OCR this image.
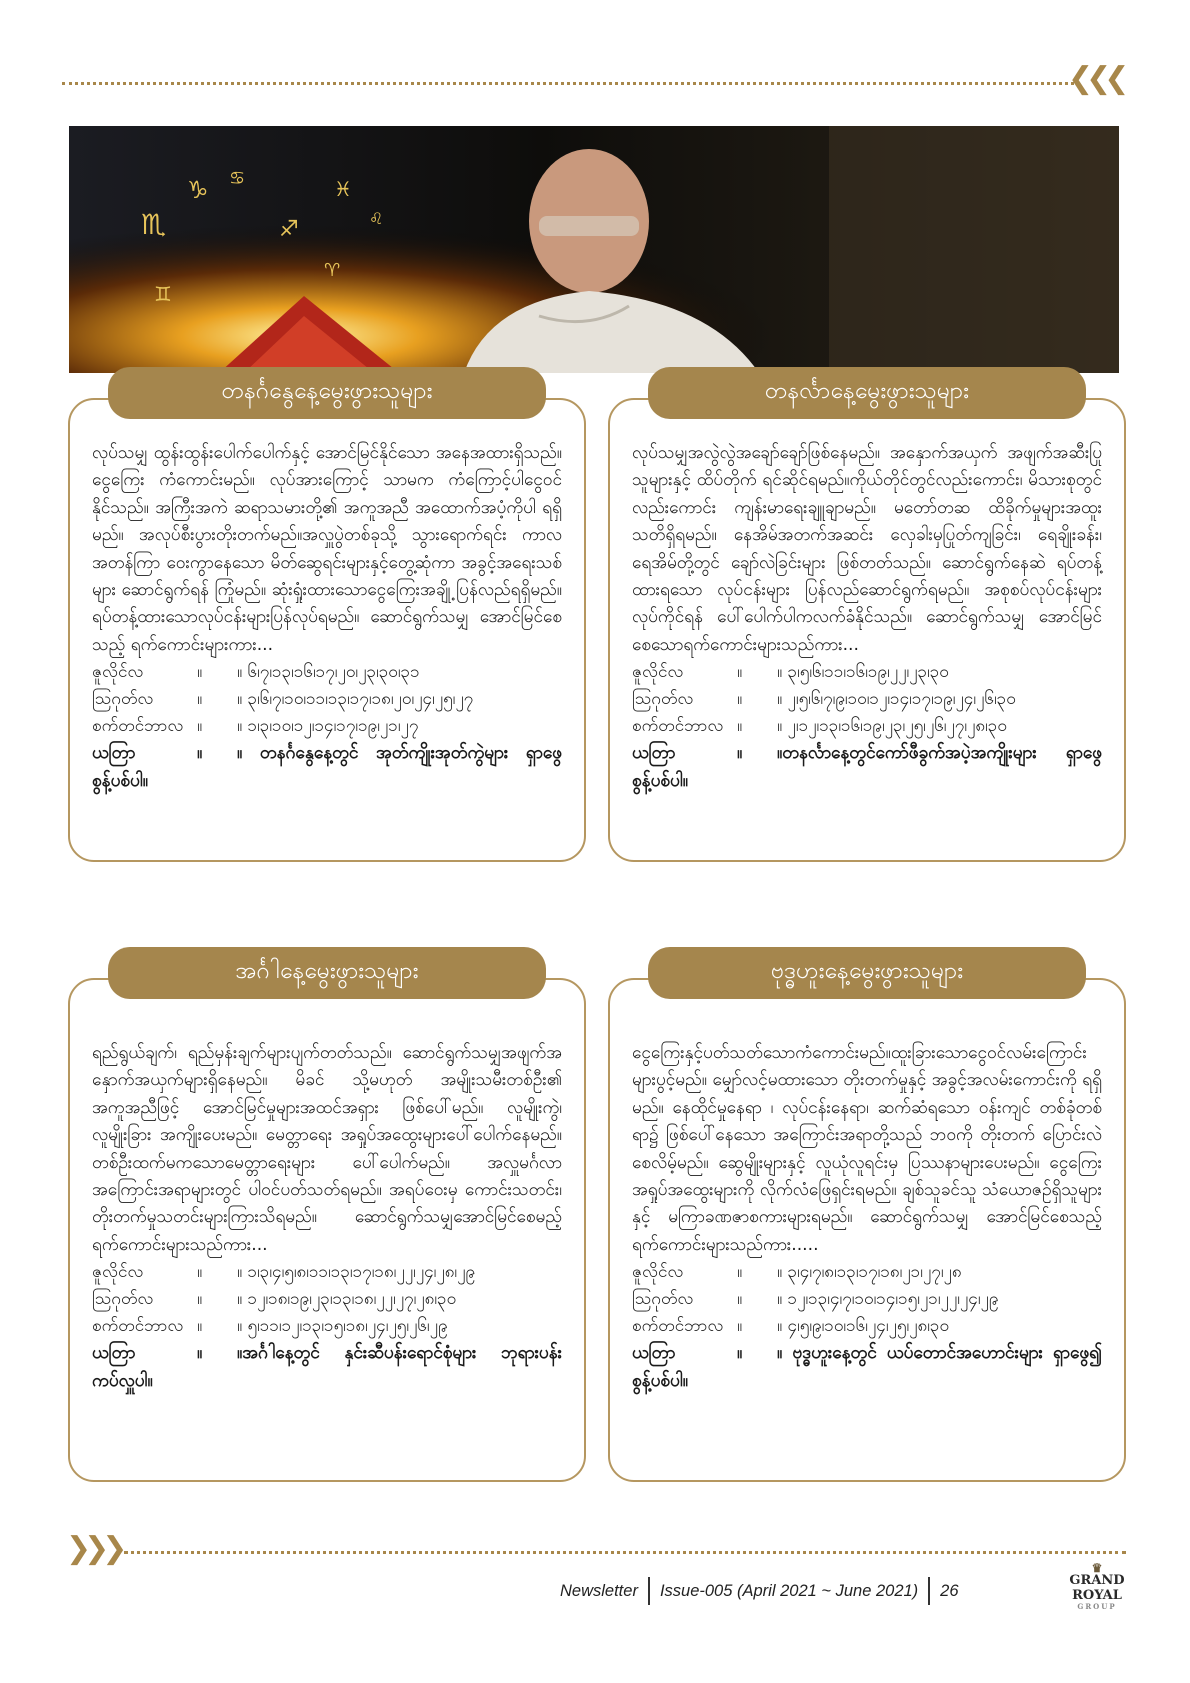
❮❮❮
♏
♑ ♋
♐
♊
♓
♌
♈
တနင်္ဂနွေနေ့မွေးဖွားသူများ

လုပ်သမျှ ထွန်းထွန်းပေါက်ပေါက်နှင့် အောင်မြင်နိုင်သော အနေအထားရှိသည်။ ငွေကြေး ကံကောင်းမည်။ လုပ်အားကြောင့် သာမက ကံကြောင့်ပါငွေဝင်နိုင်သည်။ အကြီးအကဲ ဆရာသမားတို့၏ အကူအညီ အထောက်အပံ့ကိုပါ ရရှိမည်။ အလုပ်စီးပွားတိုးတက်မည်။အလှူပွဲတစ်ခုသို့ သွားရောက်ရင်း ကာလအတန်ကြာ ဝေးကွာနေသော မိတ်ဆွေရင်းများနှင့်တွေ့ဆုံကာ အခွင့်အရေးသစ်များ ဆောင်ရွက်ရန် ကြုံမည်။ ဆုံးရှုံးထားသောငွေကြေးအချို့ ပြန်လည်ရရှိမည်။ရပ်တန့်ထားသောလုပ်ငန်းများပြန်လုပ်ရမည်။ ဆောင်ရွက်သမျှ အောင်မြင်စေသည့် ရက်ကောင်းများကား...

ဇူလိုင်လ	။	။ ၆၊၇၊၁၃၊၁၆၊၁၇၊၂၀၊၂၃၊၃၀၊၃၁
ဩဂုတ်လ	။	။ ၃၊၆၊၇၊၁၀၊၁၁၊၁၃၊၁၇၊၁၈၊၂၀၊၂၄၊၂၅၊၂၇
စက်တင်ဘာလ ။	။ ၁၊၃၊၁၀၊၁၂၊၁၄၊၁၇၊၁၉၊၂၁၊၂၇
ယတြာ	။ ။ တနင်္ဂနွေနေ့တွင် အုတ်ကျိုးအုတ်ကွဲများ ရှာဖွေစွန့်ပစ်ပါ။
တနင်္လာနေ့မွေးဖွားသူများ

လုပ်သမျှအလွဲလွဲအချော်ချော်ဖြစ်နေမည်။ အနှောက်အယှက် အဖျက်အဆီးပြုသူများနှင့် ထိပ်တိုက် ရင်ဆိုင်ရမည်။ကိုယ်တိုင်တွင်လည်းကောင်း၊ မိသားစုတွင်လည်းကောင်း ကျန်းမာရေးချူချာမည်။ မတော်တဆ ထိခိုက်မှုများအထူးသတိရှိရမည်။ နေအိမ်အတက်အဆင်း လှေခါးမှပြုတ်ကျခြင်း၊ ရေချိုးခန်း၊ ရေအိမ်တို့တွင် ချော်လဲခြင်းများ ဖြစ်တတ်သည်။ ဆောင်ရွက်နေဆဲ ရပ်တန့်ထားရသော လုပ်ငန်းများ ပြန်လည်ဆောင်ရွက်ရမည်။ အစုစပ်လုပ်ငန်းများလုပ်ကိုင်ရန် ပေါ်ပေါက်ပါကလက်ခံနိုင်သည်။ ဆောင်ရွက်သမျှ အောင်မြင်စေသောရက်ကောင်းများသည်ကား...

ဇူလိုင်လ	။	။ ၃၊၅၊၆၊၁၁၊၁၆၊၁၉၊၂၂၊၂၃၊၃၀
ဩဂုတ်လ	။	။ ၂၊၅၊၆၊၇၊၉၊၁၀၊၁၂၊၁၄၊၁၇၊၁၉၊၂၄၊၂၆၊၃၀
စက်တင်ဘာလ ။	။ ၂၊၁၂၊၁၃၊၁၆၊၁၉၊၂၃၊၂၅၊၂၆၊၂၇၊၂၈၊၃၀
ယတြာ	။ ။တနင်္လာနေ့တွင်ကော်ဖီခွက်အပဲ့အကျိုးများ ရှာဖွေစွန့်ပစ်ပါ။
အင်္ဂါနေ့မွေးဖွားသူများ

ရည်ရွယ်ချက်၊ ရည်မှန်းချက်များပျက်တတ်သည်။ ဆောင်ရွက်သမျှအဖျက်အနှောက်အယှက်များရှိနေမည်။ မိခင် သို့မဟုတ် အမျိုးသမီးတစ်ဦး၏ အကူအညီဖြင့် အောင်မြင်မှုများအထင်အရှား ဖြစ်ပေါ်မည်။ လူမျိုးကွဲ၊လူမျိုးခြား အကျိုးပေးမည်။ မေတ္တာရေး အရှုပ်အထွေးများပေါ်ပေါက်နေမည်။တစ်ဦးထက်မကသောမေတ္တာရေးများ ပေါ်ပေါက်မည်။ အလှူမင်္ဂလာအကြောင်းအရာများတွင် ပါဝင်ပတ်သတ်ရမည်။ အရပ်ဝေးမှ ကောင်းသတင်း၊တိုးတက်မှုသတင်းများကြားသိရမည်။ ဆောင်ရွက်သမျှအောင်မြင်စေမည့် ရက်ကောင်းများသည်ကား...

ဇူလိုင်လ	။	။ ၁၊၃၊၄၊၅၊၈၊၁၁၊၁၃၊၁၇၊၁၈၊၂၂၊၂၄၊၂၈၊၂၉
ဩဂုတ်လ	။	။ ၁၂၊၁၈၊၁၉၊၂၃၊၁၃၊၁၈၊၂၂၊၂၇၊၂၈၊၃၀
စက်တင်ဘာလ ။	။ ၅၊၁၁၊၁၂၊၁၃၊၁၅၊၁၈၊၂၄၊၂၅၊၂၆၊၂၉
ယတြာ	။ ။အင်္ဂါနေ့တွင် နှင်းဆီပန်းရောင်စုံများ ဘုရားပန်းကပ်လှူပါ။
ဗုဒ္ဓဟူးနေ့မွေးဖွားသူများ

ငွေကြေးနှင့်ပတ်သတ်သောကံကောင်းမည်။ထူးခြားသောငွေဝင်လမ်းကြောင်းများပွင့်မည်။ မျှော်လင့်မထားသော တိုးတက်မှုနှင့် အခွင့်အလမ်းကောင်းကို ရရှိမည်။ နေထိုင်မှုနေရာ ၊ လုပ်ငန်းနေရာ၊ ဆက်ဆံရသော ဝန်းကျင် တစ်ခုံတစ်ရာ၌ ဖြစ်ပေါ်နေသော အကြောင်းအရာတို့သည် ဘဝကို တိုးတက် ပြောင်းလဲစေလိမ့်မည်။ ဆွေမျိုးများနှင့် လူယုံလူရင်းမှ ပြဿနာများပေးမည်။ ငွေကြေးအရှုပ်အထွေးများကို လိုက်လံဖြေရှင်းရမည်။ ချစ်သူခင်သူ သံယောဇဉ်ရှိသူများနှင့် မကြာခဏဇာစကားများရမည်။ ဆောင်ရွက်သမျှ အောင်မြင်စေသည့် ရက်ကောင်းများသည်ကား.....

ဇူလိုင်လ	။	။ ၃၊၄၊၇၊၈၊၁၃၊၁၇၊၁၈၊၂၁၊၂၇၊၂၈
ဩဂုတ်လ	။	။ ၁၂၊၁၃၊၄၊၇၊၁၀၊၁၄၊၁၅၊၂၁၊၂၂၊၂၄၊၂၉
စက်တင်ဘာလ ။	။ ၄၊၅၊၉၊၁၀၊၁၆၊၂၄၊၂၅၊၂၈၊၃၀
ယတြာ	။ ။ ဗုဒ္ဓဟူးနေ့တွင် ယပ်တောင်အဟောင်းများ ရှာဖွေ၍ စွန့်ပစ်ပါ။
❯❯❯
Newsletter Issue-005 (April 2021 ~ June 2021) 26
♛
GRAND
ROYAL
GROUP
